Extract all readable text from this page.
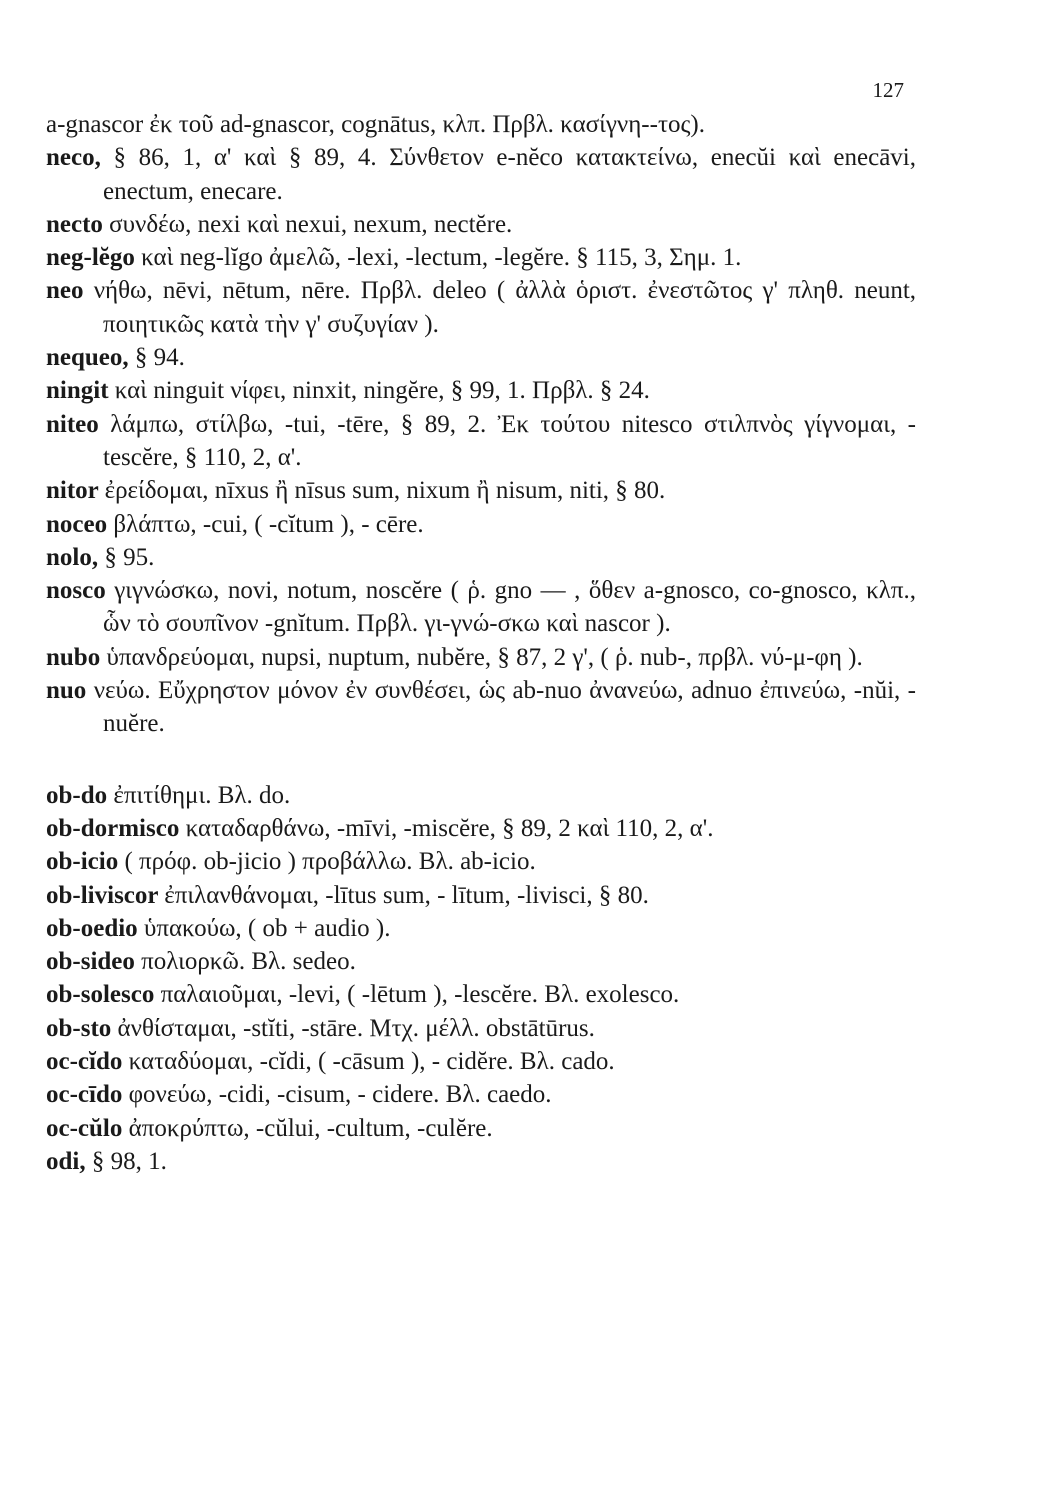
127
a-gnascor ἐκ τοῦ ad-gnascor, cognātus, κλπ. Πρβλ. κασίγνη--τος).
neco, § 86, 1, α' καὶ § 89, 4. Σύνθετον e-nĕco κατακτείνω, enecŭi καὶ enecāvi, enectum, enecare.
necto συνδέω, nexi καὶ nexui, nexum, nectĕre.
neg-lĕgo καὶ neg-lĭgo ἀμελῶ, -lexi, -lectum, -legĕre. § 115, 3, Σημ. 1.
neo νήθω, nēvi, nētum, nēre. Πρβλ. deleo ( ἀλλὰ ὁριστ. ἐνεστῶτος γ' πληθ. neunt, ποιητικῶς κατὰ τὴν γ' συζυγίαν ).
nequeo, § 94.
ningit καὶ ninguit νίφει, ninxit, ningĕre, § 99, 1. Πρβλ. § 24.
niteo λάμπω, στίλβω, -tui, -tēre, § 89, 2. Ἐκ τούτου nitesco στιλπνὸς γίγνομαι, -tescĕre, § 110, 2, α'.
nitor ἐρείδομαι, nīxus ἢ nīsus sum, nixum ἢ nisum, niti, § 80.
noceo βλάπτω, -cui, ( -cĭtum ), - cēre.
nolo, § 95.
nosco γιγνώσκω, novi, notum, noscĕre ( ῥ. gno — , ὅθεν a-gnosco, co-gnosco, κλπ., ὧν τὸ σουπῖνον -gnĭtum. Πρβλ. γι-γνώ-σκω καὶ nascor ).
nubo ὑπανδρεύομαι, nupsi, nuptum, nubĕre, § 87, 2 γ', ( ῥ. nub-, πρβλ. νύ-μ-φη ).
nuo νεύω. Εὔχρηστον μόνον ἐν συνθέσει, ὡς ab-nuo ἀνανεύω, adnuo ἐπινεύω, -nŭi, -nuĕre.
ob-do ἐπιτίθημι. Βλ. do.
ob-dormisco καταδαρθάνω, -mīvi, -miscĕre, § 89, 2 καὶ 110, 2, α'.
ob-icio ( πρόφ. ob-jicio ) προβάλλω. Βλ. ab-icio.
ob-liviscor ἐπιλανθάνομαι, -lītus sum, - lītum, -livisci, § 80.
ob-oedio ὑπακούω, ( ob + audio ).
ob-sideo πολιορκῶ. Βλ. sedeo.
ob-solesco παλαιοῦμαι, -levi, ( -lētum ), -lescĕre. Βλ. exolesco.
ob-sto ἀνθίσταμαι, -stĭti, -stāre. Μτχ. μέλλ. obstātūrus.
oc-cĭdo καταδύομαι, -cĭdi, ( -cāsum ), - cidĕre. Βλ. cado.
oc-cīdo φονεύω, -cidi, -cisum, - cidere. Βλ. caedo.
oc-cŭlo ἀποκρύπτω, -cŭlui, -cultum, -culĕre.
odi, § 98, 1.
